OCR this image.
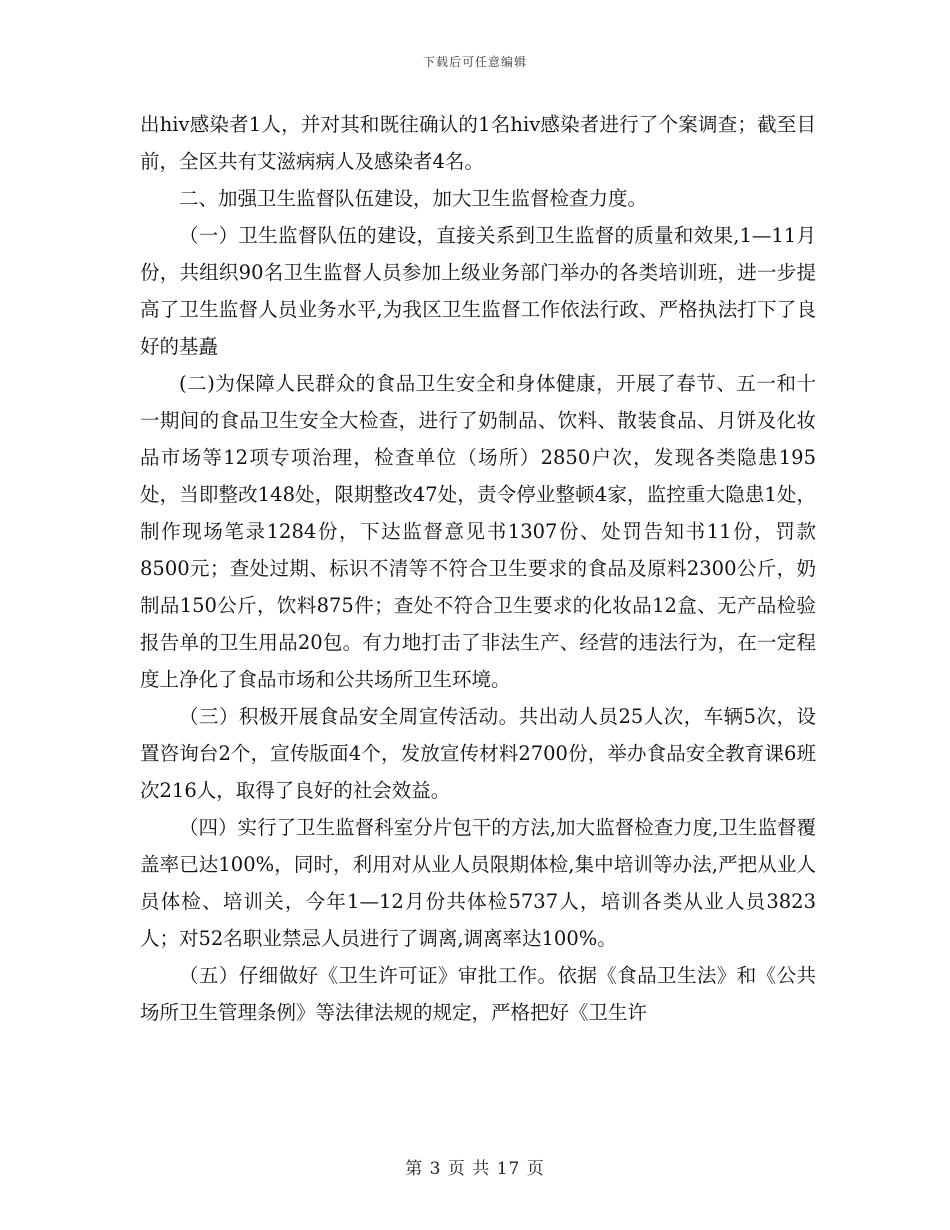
下载后可任意编辑

出hiv感染者1人，并对其和既往确认的1名hiv感染者进行了个案调查；截至目前，全区共有艾滋病病人及感染者4名。

二、加强卫生监督队伍建设，加大卫生监督检查力度。

（一）卫生监督队伍的建设，直接关系到卫生监督的质量和效果,1—11月份，共组织90名卫生监督人员参加上级业务部门举办的各类培训班，进一步提高了卫生监督人员业务水平,为我区卫生监督工作依法行政、严格执法打下了良好的基矗

(二)为保障人民群众的食品卫生安全和身体健康，开展了春节、五一和十一期间的食品卫生安全大检查，进行了奶制品、饮料、散装食品、月饼及化妆品市场等12项专项治理，检查单位（场所）2850户次，发现各类隐患195处，当即整改148处，限期整改47处，责令停业整顿4家，监控重大隐患1处，制作现场笔录1284份，下达监督意见书1307份、处罚告知书11份，罚款8500元；查处过期、标识不清等不符合卫生要求的食品及原料2300公斤，奶制品150公斤，饮料875件；查处不符合卫生要求的化妆品12盒、无产品检验报告单的卫生用品20包。有力地打击了非法生产、经营的违法行为，在一定程度上净化了食品市场和公共场所卫生环境。

（三）积极开展食品安全周宣传活动。共出动人员25人次，车辆5次，设置咨询台2个，宣传版面4个，发放宣传材料2700份，举办食品安全教育课6班次216人，取得了良好的社会效益。

（四）实行了卫生监督科室分片包干的方法,加大监督检查力度,卫生监督覆盖率已达100%，同时，利用对从业人员限期体检,集中培训等办法,严把从业人员体检、培训关，今年1—12月份共体检5737人，培训各类从业人员3823人；对52名职业禁忌人员进行了调离,调离率达100%。

（五）仔细做好《卫生许可证》审批工作。依据《食品卫生法》和《公共场所卫生管理条例》等法律法规的规定，严格把好《卫生许

第 3 页 共 17 页
